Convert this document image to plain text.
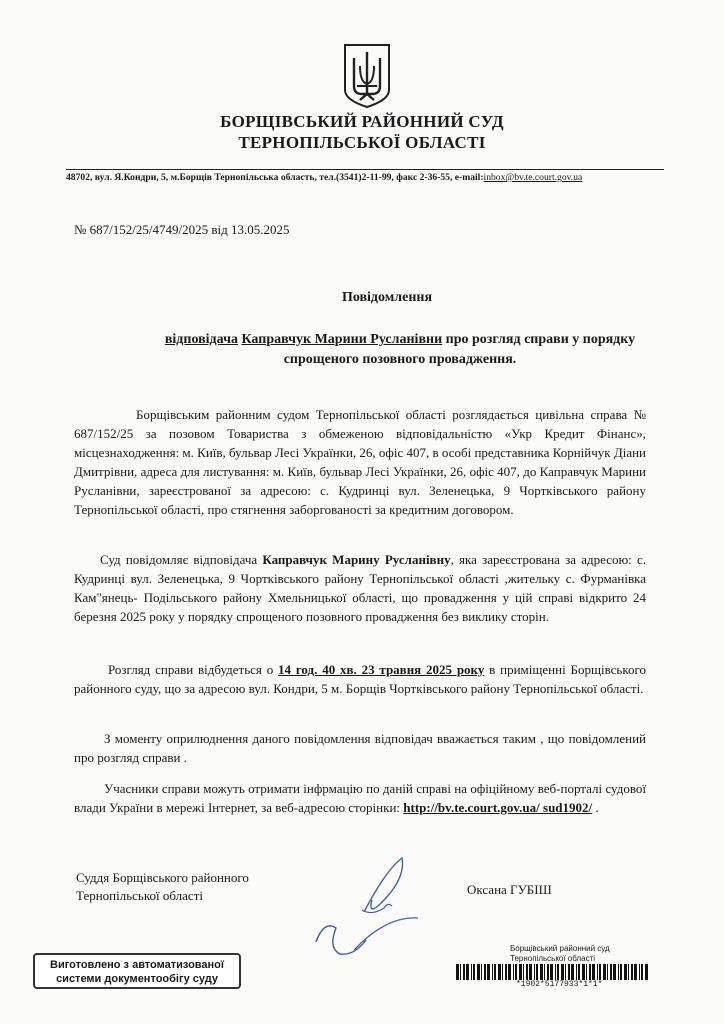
БОРЩІВСЬКИЙ РАЙОННИЙ СУД
ТЕРНОПІЛЬСЬКОЇ ОБЛАСТІ
48702, вул. Я.Кондри, 5, м.Борщів Тернопільська область, тел.(3541)2-11-99, факс 2-36-55, e-mail:inbox@bv.te.court.gov.ua
№ 687/152/25/4749/2025 від 13.05.2025
Повідомлення
відповідача Каправчук Марини Русланівни про розгляд справи у порядку спрощеного позовного провадження.
Борщівським районним судом Тернопільської області розглядається цивільна справа № 687/152/25 за позовом Товариства з обмеженою відповідальністю «Укр Кредит Фінанс», місцезнаходження: м. Київ, бульвар Лесі Українки, 26, офіс 407, в особі представника Корнійчук Діани Дмитрівни, адреса для листування: м. Київ, бульвар Лесі Українки, 26, офіс 407, до Каправчук Марини Русланівни, зареєстрованої за адресою: с. Кудринці вул. Зеленецька, 9 Чортківського району Тернопільської області, про стягнення заборгованості за кредитним договором.
Суд повідомляє відповідача Каправчук Марину Русланівну, яка зареєстрована за адресою: с. Кудринці вул. Зеленецька, 9 Чортківського району Тернопільської області ,жительку с. Фурманівка Кам"янець- Подільського району Хмельницької області, що провадження у цій справі відкрито 24 березня 2025 року у порядку спрощеного позовного провадження без виклику сторін.
Розгляд справи відбудеться о 14 год. 40 хв. 23 травня 2025 року в приміщенні Борщівського районного суду, що за адресою вул. Кондри, 5 м. Борщів Чортківського району Тернопільської області.
З моменту оприлюднення даного повідомлення відповідач вважається таким , що повідомлений про розгляд справи .
Учасники справи можуть отримати інфрмацію по даній справі на офіційному веб-порталі судової влади України в мережі Інтернет, за веб-адресою сторінки: http://bv.te.court.gov.ua/ sud1902/ .
Суддя Борщівського районного
Тернопільської області	Оксана ГУБІШ
Виготовлено з автоматизованої системи документообігу суду
Борщівський районний суд
Тернопільської області
*1902*5177933*1*1*
